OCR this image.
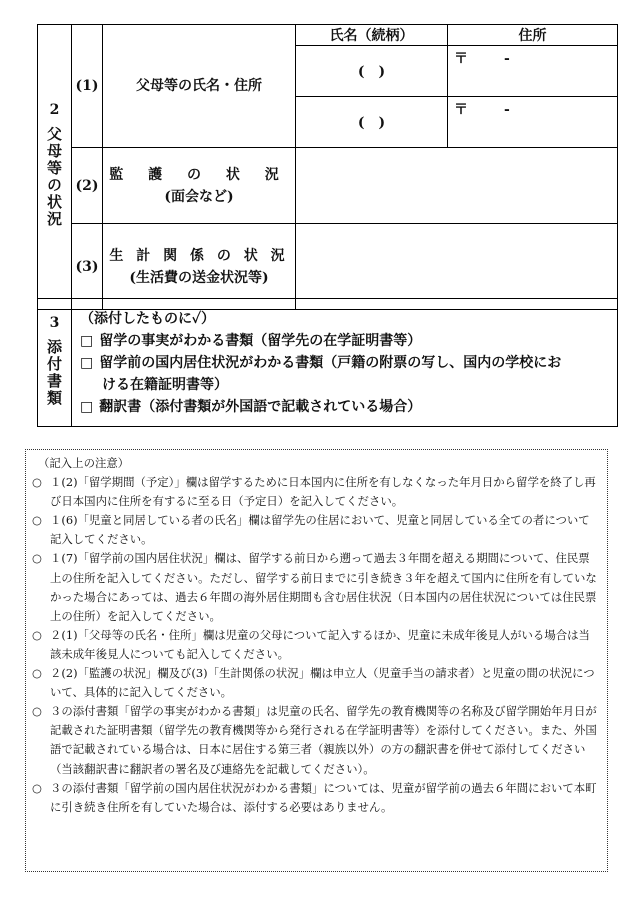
2
父母等の状況	(1)	父母等の氏名・住所	氏名（続柄）	住所
			(　)	〒 -
			(　)	〒 -
	(2)	監 護 の 状 況
(面会など)		

	(3)	生 計 関 係 の 状 況
(生活費の送金状況等)		

3
添付書類	
（添付したものに✓）
□ 留学の事実がわかる書類（留学先の在学証明書等）
□ 留学前の国内居住状況がわかる書類（戸籍の附票の写し、国内の学校にお
ける在籍証明書等）
□ 翻訳書（添付書類が外国語で記載されている場合）
（記入上の注意）
○ １(2)「留学期間（予定）」欄は留学するために日本国内に住所を有しなくなった年月日から留学を終了し再び日本国内に住所を有するに至る日（予定日）を記入してください。
○ １(6)「児童と同居している者の氏名」欄は留学先の住居において、児童と同居している全ての者について記入してください。
○ １(7)「留学前の国内居住状況」欄は、留学する前日から遡って過去３年間を超える期間について、住民票上の住所を記入してください。ただし、留学する前日までに引き続き３年を超えて国内に住所を有していなかった場合にあっては、過去６年間の海外居住期間も含む居住状況（日本国内の居住状況については住民票上の住所）を記入してください。
○ ２(1)「父母等の氏名・住所」欄は児童の父母について記入するほか、児童に未成年後見人がいる場合は当該未成年後見人についても記入してください。
○ ２(2)「監護の状況」欄及び(3)「生計関係の状況」欄は申立人（児童手当の請求者）と児童の間の状況について、具体的に記入してください。
○ ３の添付書類「留学の事実がわかる書類」は児童の氏名、留学先の教育機関等の名称及び留学開始年月日が記載された証明書類（留学先の教育機関等から発行される在学証明書等）を添付してください。また、外国語で記載されている場合は、日本に居住する第三者（親族以外）の方の翻訳書を併せて添付してください（当該翻訳書に翻訳者の署名及び連絡先を記載してください）。
○ ３の添付書類「留学前の国内居住状況がわかる書類」については、児童が留学前の過去６年間において本町に引き続き住所を有していた場合は、添付する必要はありません。
